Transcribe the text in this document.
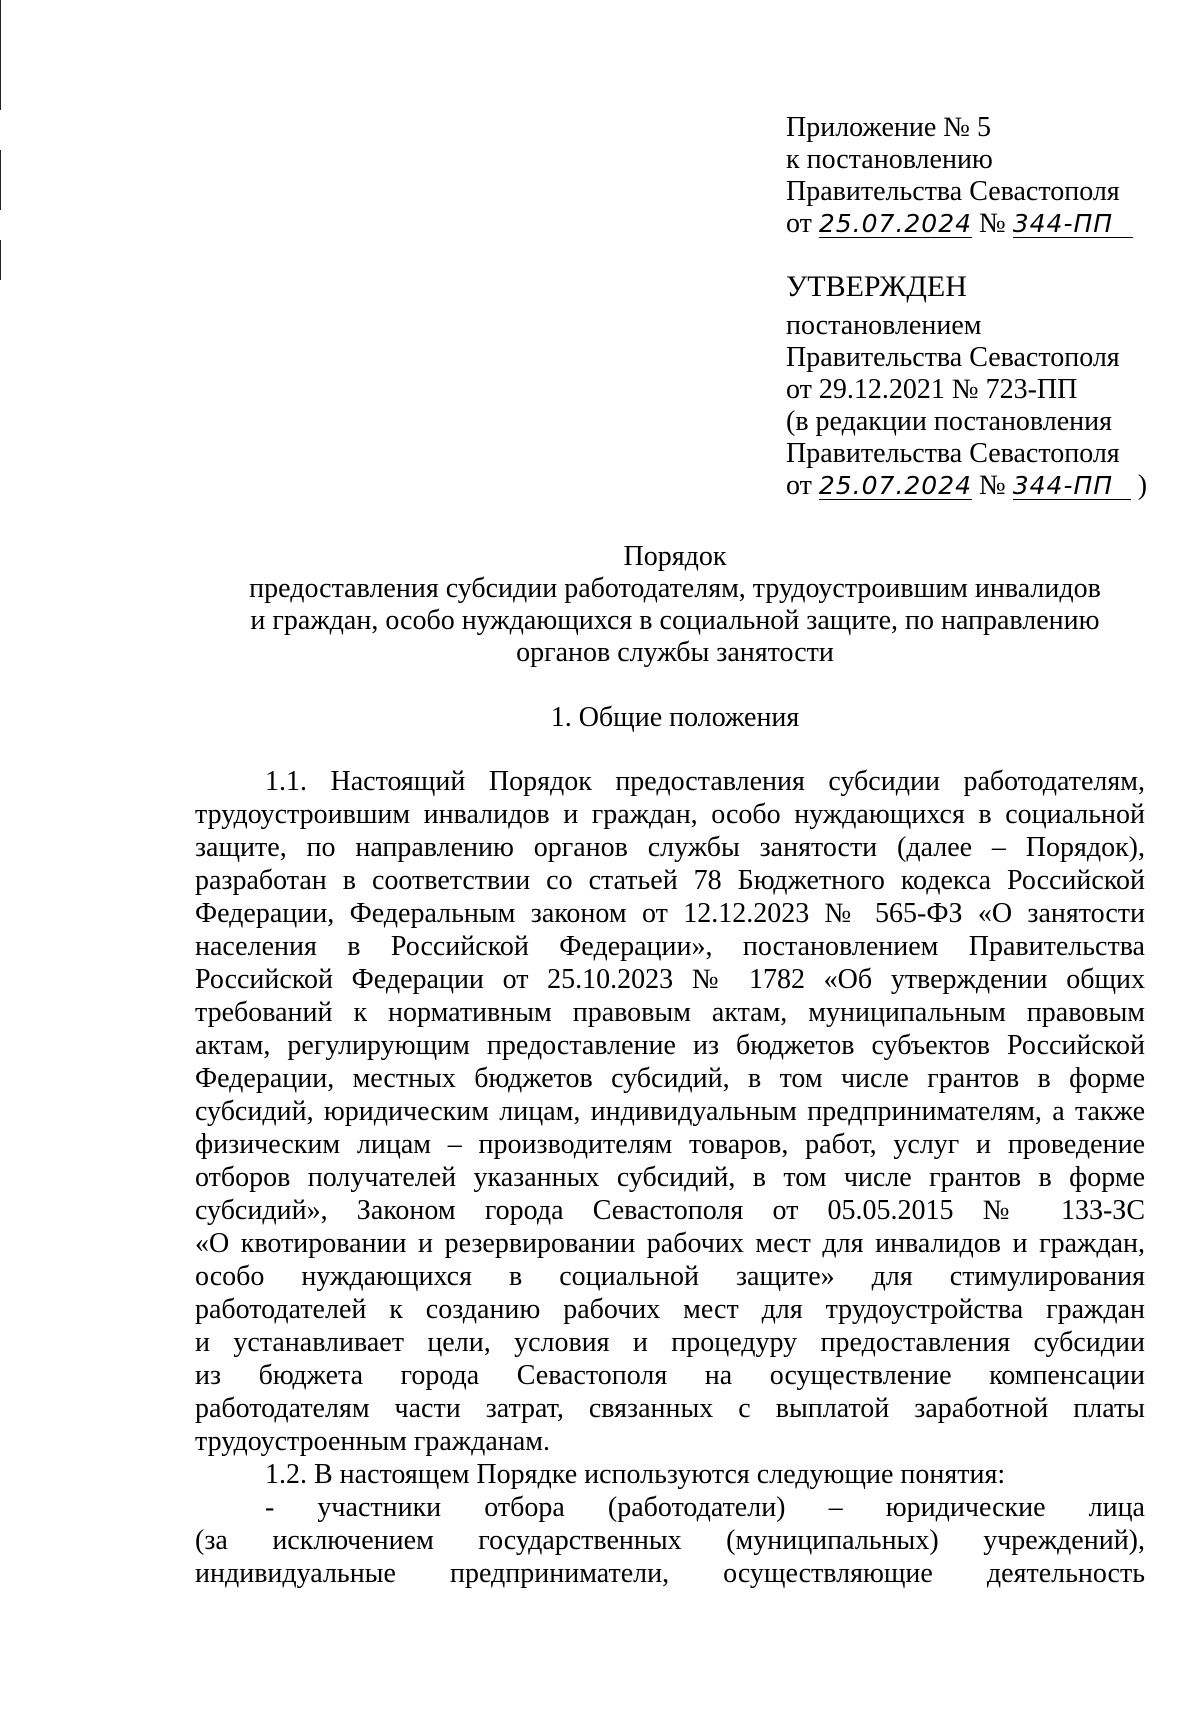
Приложение № 5
к постановлению
Правительства Севастополя
от 25.07.2024 № 344-ПП
УТВЕРЖДЕН
постановлением
Правительства Севастополя
от 29.12.2021 № 723-ПП
(в редакции постановления
Правительства Севастополя
от 25.07.2024 № 344-ПП )
Порядок
предоставления субсидии работодателям, трудоустроившим инвалидов
и граждан, особо нуждающихся в социальной защите, по направлению
органов службы занятости
1. Общие положения
1.1. Настоящий Порядок предоставления субсидии работодателям,
трудоустроившим инвалидов и граждан, особо нуждающихся в социальной
защите, по направлению органов службы занятости (далее – Порядок),
разработан в соответствии со статьей 78 Бюджетного кодекса Российской
Федерации, Федеральным законом от 12.12.2023 № 565-ФЗ «О занятости
населения в Российской Федерации», постановлением Правительства
Российской Федерации от 25.10.2023 № 1782 «Об утверждении общих
требований к нормативным правовым актам, муниципальным правовым
актам, регулирующим предоставление из бюджетов субъектов Российской
Федерации, местных бюджетов субсидий, в том числе грантов в форме
субсидий, юридическим лицам, индивидуальным предпринимателям, а также
физическим лицам – производителям товаров, работ, услуг и проведение
отборов получателей указанных субсидий, в том числе грантов в форме
субсидий», Законом города Севастополя от 05.05.2015 № 133-ЗС
«О квотировании и резервировании рабочих мест для инвалидов и граждан,
особо нуждающихся в социальной защите» для стимулирования
работодателей к созданию рабочих мест для трудоустройства граждан
и устанавливает цели, условия и процедуру предоставления субсидии
из бюджета города Севастополя на осуществление компенсации
работодателям части затрат, связанных с выплатой заработной платы
трудоустроенным гражданам.
1.2. В настоящем Порядке используются следующие понятия:
- участники отбора (работодатели) – юридические лица
(за исключением государственных (муниципальных) учреждений),
индивидуальные предприниматели, осуществляющие деятельность
